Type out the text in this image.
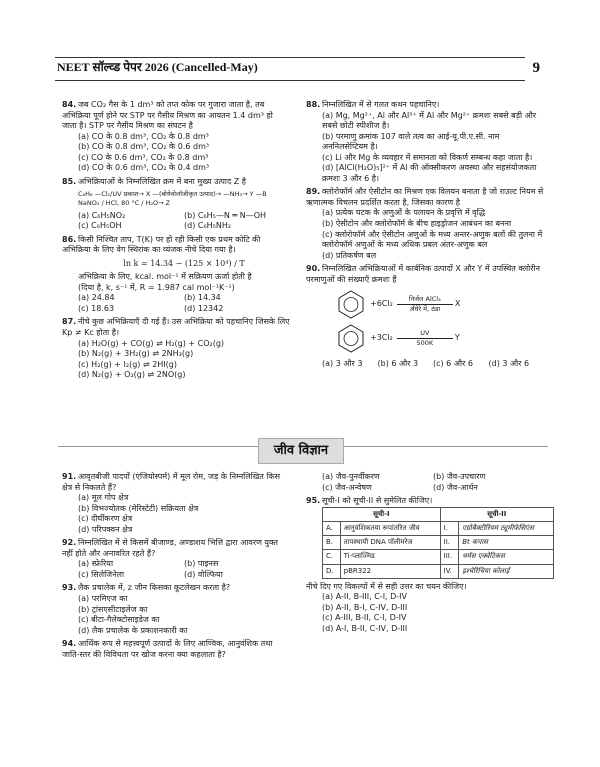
NEET सॉल्व्ड पेपर 2026 (Cancelled-May)	9
84. जब CO₂ गैस के 1 dm³ को तप्त कोक पर गुजारा जाता है, तब अभिक्रिया पूर्ण होने पर STP पर गैसीय मिश्रण का आयतन 1.4 dm³ हो जाता है। STP पर गैसीय मिश्रण का संघटन है
(a) CO के 0.8 dm³, CO₂ के 0.8 dm³
(b) CO के 0.8 dm³, CO₂ के 0.6 dm³
(c) CO के 0.6 dm³, CO₂ के 0.8 dm³
(d) CO के 0.6 dm³, CO₂ के 0.4 dm³
85. अभिक्रियाओं के निम्नलिखित क्रम में बना मुख्य उत्पाद Z है
C₆H₆ —Cl₂/UV प्रकाश→ X —(बोयेवोलॉजीकृत उत्पाद)→ —NH₃→ Y —B NaNO₂ / HCl, 80 °C / H₂O→ Z
(a) C₆H₅NO₂	(b) C₆H₅—N ═ N—OH
(c) C₆H₅OH	(d) C₆H₅NH₂
86. किसी निश्चित ताप, T(K) पर हो रही किसी एक प्रथम कोटि की अभिक्रिया के लिए वेग स्थिरांक का व्यंजक नीचे दिया गया है।
ln k = 14.34 − (125 × 10⁴) / T
अभिक्रिया के लिए, kcal. mol⁻¹ में सक्रियण ऊर्जा होती है
(दिया है, k, s⁻¹ में, R = 1.987 cal mol⁻¹K⁻¹)
(a) 24.84	(b) 14.34
(c) 18.63	(d) 12342
87. नीचे कुछ अभिक्रियाएँ दी गई हैं। उस अभिक्रिया को पहचानिए जिसके लिए Kp ≠ Kc होता है।
(a) H₂O(g) + CO(g) ⇌ H₂(g) + CO₂(g)
(b) N₂(g) + 3H₂(g) ⇌ 2NH₃(g)
(c) H₂(g) + I₂(g) ⇌ 2HI(g)
(d) N₂(g) + O₂(g) ⇌ 2NO(g)
88. निम्नलिखित में से गलत कथन पहचानिए।
(a) Mg, Mg²⁺, Al और Al³⁺ में Al और Mg²⁺ क्रमशः सबसे बड़ी और सबसे छोटी स्पीशीज है।
(b) परमाणु क्रमांक 107 वाले तत्व का आई-यू.पी.ए.सी. नाम अननिलसेप्टियम है।
(c) Li और Mg के व्यवहार में समानता को विकर्ण सम्बन्ध कहा जाता है।
(d) [AlCl(H₂O)₅]²⁺ में Al की ऑक्सीकरण अवस्था और सहसंयोजकता क्रमशः 3 और 6 है।
89. क्लोरोफॉर्म और ऐसीटोन का मिश्रण एक विलयन बनाता है जो राउल्ट नियम से ऋणात्मक विचलन प्रदर्शित करता है, जिसका कारण है
(a) प्रत्येक घटक के अणुओं के पलायन के प्रवृत्ति में वृद्धि
(b) ऐसीटोन और क्लोरोफॉर्म के बीच हाइड्रोजन आबंधन का बनना
(c) क्लोरोफॉर्म और ऐसीटोन अणुओं के मध्य अन्तर-अणुक बलों की तुलना में क्लोरोफॉर्म अणुओं के मध्य अधिक प्रबल अंतर-अणुक बल
(d) प्रतिकर्षण बल
90. निम्नलिखित अभिक्रियाओं में कार्बनिक उत्पादों X और Y में उपस्थित क्लोरीन परमाणुओं की संख्याएँ क्रमशः हैं
+6Cl₂ निर्जल AlCl₃
अँधेरे में, ठंडा
X
+3Cl₂	UV
500K
Y
(a) 3 और 3	(b) 6 और 3	(c) 6 और 6	(d) 3 और 6
जीव विज्ञान
91. आवृतबीजी पादपों (एंजियोस्पर्म) में मूल रोम, जड़ के निम्नलिखित किस क्षेत्र से निकलते हैं?
(a) मूल गोप क्षेत्र
(b) विभज्योतक (मेरिस्टेटी) सक्रियता क्षेत्र
(c) दीर्घीकरण क्षेत्र
(d) परिपक्वन क्षेत्र
92. निम्नलिखित में से किसमें बीजाण्ड, अण्डाशय भित्ति द्वारा आवरण युक्त नहीं होते और अनावरित रहते हैं?
(a) स्फ्रेरिया	(b) पाइनस
(c) सिलेजिनेला	(d) वोल्फिया
93. लैक प्रचालेक में, z जीन किसका कूटलेखन करता है?
(a) परमिएज का
(b) ट्रांसएसीटाइलेज का
(c) बीटा-गैलेक्टोसाइडेज का
(d) लैक प्रचालेक के प्रकाशनकारी का
94. आर्थिक रूप से महत्त्वपूर्ण उत्पादों के लिए आण्विक, आनुवंशिक तथा जाति-स्तर की विविधता पर खोज करना क्या कहलाता है?
(a) जैव-पुनर्वीकरण	(b) जैव-उपचारण
(c) जैव-अन्वेषण	(d) जैव-आर्थन
95. सूची-I को सूची-II से सुमेलित कीजिए।
सूची-I		सूची-II	
A.	आनुवंशिकतया रूपांतरित जीव	I.	एग्रोबैक्टीरियम ट्यूमीफेसिएंस
B.	तापस्थायी DNA पॉलीमरेज	II.	Bt कपास
C.	Ti-प्लाज्मिड	III.	थर्मस एक्वेटिकस
D.	pBR322	IV.	इश्चेरिचिया कोलाई
नीचे दिए गए विकल्पों में से सही उत्तर का चयन कीजिए।
(a) A-II, B-III, C-I, D-IV
(b) A-II, B-I, C-IV, D-III
(c) A-III, B-II, C-I, D-IV
(d) A-I, B-II, C-IV, D-III
